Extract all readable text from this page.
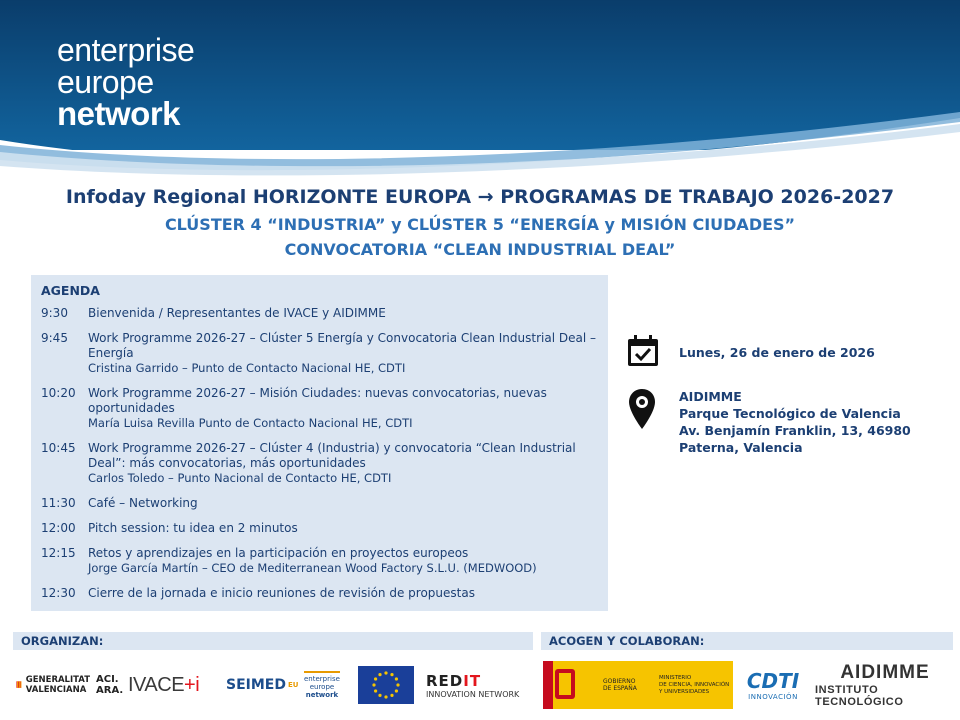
enterprise
europe
network
Infoday Regional HORIZONTE EUROPA → PROGRAMAS DE TRABAJO 2026-2027
CLÚSTER 4 “INDUSTRIA” y CLÚSTER 5 “ENERGÍA y MISIÓN CIUDADES”
CONVOCATORIA “CLEAN INDUSTRIAL DEAL”
AGENDA
9:30	Bienvenida / Representantes de IVACE y AIDIMME
9:45	Work Programme 2026-27 – Clúster 5 Energía y Convocatoria Clean Industrial Deal – Energía
Cristina Garrido – Punto de Contacto Nacional HE, CDTI
10:20	Work Programme 2026-27 – Misión Ciudades: nuevas convocatorias, nuevas oportunidades
María Luisa Revilla Punto de Contacto Nacional HE, CDTI
10:45	Work Programme 2026-27 – Clúster 4 (Industria) y convocatoria “Clean Industrial Deal”: más convocatorias, más oportunidades
Carlos Toledo – Punto Nacional de Contacto HE, CDTI
11:30	Café – Networking
12:00	Pitch session: tu idea en 2 minutos
12:15	Retos y aprendizajes en la participación en proyectos europeos
Jorge García Martín – CEO de Mediterranean Wood Factory S.L.U. (MEDWOOD)
12:30	Cierre de la jornada e inicio reuniones de revisión de propuestas
Lunes, 26 de enero de 2026
AIDIMME
Parque Tecnológico de Valencia
Av. Benjamín Franklin, 13, 46980
Paterna, Valencia
ORGANIZAN:	ACOGEN Y COLABORAN:
GENERALITAT
VALENCIANA
ACI.
ARA. IVACE +i SEIMED EU
enterprise
europe
network
REDIT
INNOVATION NETWORK
GOBIERNO
DE ESPAÑA
MINISTERIO
DE CIENCIA, INNOVACIÓN
Y UNIVERSIDADES	CDTI
INNOVACIÓN
AIDIMME
INSTITUTO TECNOLÓGICO
